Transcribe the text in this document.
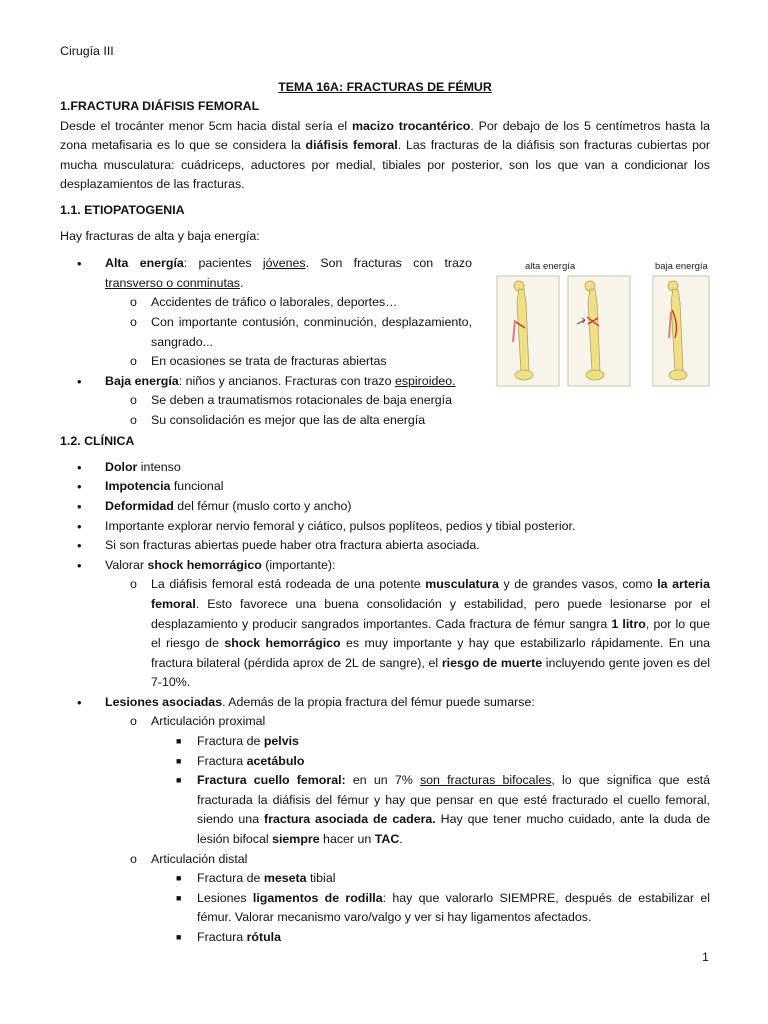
Cirugía III
TEMA 16A: FRACTURAS DE FÉMUR
1.FRACTURA DIÁFISIS FEMORAL

Desde el trocánter menor 5cm hacia distal sería el macizo trocantérico. Por debajo de los 5 centímetros hasta la zona metafisaria es lo que se considera la diáfisis femoral. Las fracturas de la diáfisis son fracturas cubiertas por mucha musculatura: cuádriceps, aductores por medial, tibiales por posterior, son los que van a condicionar los desplazamientos de las fracturas.

1.1. ETIOPATOGENIA

Hay fracturas de alta y baja energía:

• Alta energía: pacientes jóvenes. Son fracturas con trazo transverso o conminutas.
o Accidentes de tráfico o laborales, deportes…
o Con importante contusión, conminución, desplazamiento, sangrado...
o En ocasiones se trata de fracturas abiertas
• Baja energía: niños y ancianos. Fracturas con trazo espiroideo.
o Se deben a traumatismos rotacionales de baja energía
o Su consolidación es mejor que las de alta energía
alta energía	baja energía
1.2. CLÍNICA
• Dolor intenso
• Impotencia funcional
• Deformidad del fémur (muslo corto y ancho)
• Importante explorar nervio femoral y ciático, pulsos poplíteos, pedios y tibial posterior.
• Si son fracturas abiertas puede haber otra fractura abierta asociada.
• Valorar shock hemorrágico (importante):
o La diáfisis femoral está rodeada de una potente musculatura y de grandes vasos, como la arteria femoral. Esto favorece una buena consolidación y estabilidad, pero puede lesionarse por el desplazamiento y producir sangrados importantes. Cada fractura de fémur sangra 1 litro, por lo que el riesgo de shock hemorrágico es muy importante y hay que estabilizarlo rápidamente. En una fractura bilateral (pérdida aprox de 2L de sangre), el riesgo de muerte incluyendo gente joven es del 7-10%.
• Lesiones asociadas. Además de la propia fractura del fémur puede sumarse:
o Articulación proximal
■ Fractura de pelvis
■ Fractura acetábulo
■ Fractura cuello femoral: en un 7% son fracturas bifocales, lo que significa que está fracturada la diáfisis del fémur y hay que pensar en que esté fracturado el cuello femoral, siendo una fractura asociada de cadera. Hay que tener mucho cuidado, ante la duda de lesión bifocal siempre hacer un TAC.
o Articulación distal
■ Fractura de meseta tibial
■ Lesiones ligamentos de rodilla: hay que valorarlo SIEMPRE, después de estabilizar el fémur. Valorar mecanismo varo/valgo y ver si hay ligamentos afectados.
■ Fractura rótula
1
